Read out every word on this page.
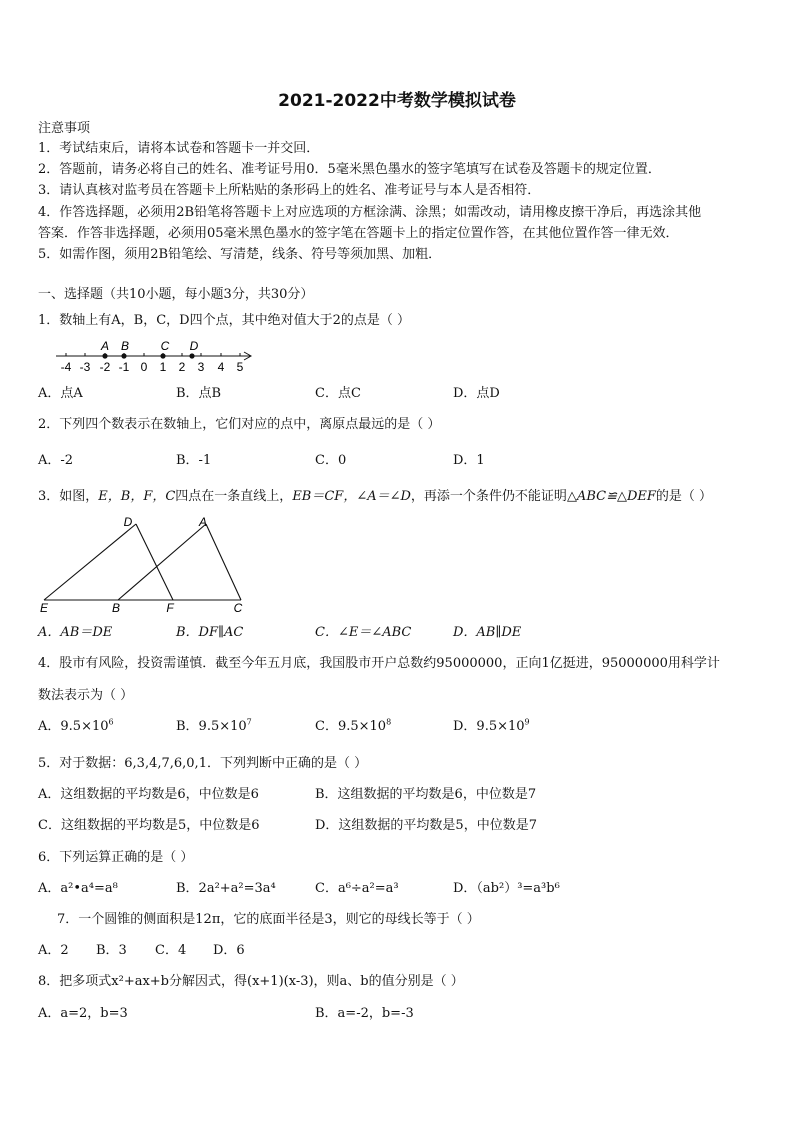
2021-2022中考数学模拟试卷
注意事项
1．考试结束后，请将本试卷和答题卡一并交回．
2．答题前，请务必将自己的姓名、准考证号用0．5毫米黑色墨水的签字笔填写在试卷及答题卡的规定位置．
3．请认真核对监考员在答题卡上所粘贴的条形码上的姓名、准考证号与本人是否相符．
4．作答选择题，必须用2B铅笔将答题卡上对应选项的方框涂满、涂黑；如需改动，请用橡皮擦干净后，再选涂其他
答案．作答非选择题，必须用05毫米黑色墨水的签字笔在答题卡上的指定位置作答，在其他位置作答一律无效．
5．如需作图，须用2B铅笔绘、写清楚，线条、符号等须加黑、加粗．
一、选择题（共10小题，每小题3分，共30分）
1．数轴上有A，B，C，D四个点，其中绝对值大于2的点是（ ）
A B	C D
-4 -3 -2 -1 0 1 2 3 4 5
A．点A	B．点B	C．点C	D．点D
2．下列四个数表示在数轴上，它们对应的点中，离原点最远的是（ ）
A．-2	B．-1	C．0	D．1
3．如图，E，B，F，C四点在一条直线上，EB＝CF，∠A＝∠D，再添一个条件仍不能证明△ABC≌△DEF的是（ ）
D	A
E	B	F	C
A．AB＝DE	B．DF∥AC	C．∠E＝∠ABC	D．AB∥DE
4．股市有风险，投资需谨慎．截至今年五月底，我国股市开户总数约95000000，正向1亿挺进，95000000用科学计
数法表示为（ ）
A．$9.5\times 10^6$	B．$9.5\times 10^7$	C．$9.5\times 10^8$	D．$9.5\times 10^9$
5．对于数据：6,3,4,7,6,0,1．下列判断中正确的是（ ）
A．这组数据的平均数是6，中位数是6	B．这组数据的平均数是6，中位数是7
C．这组数据的平均数是5，中位数是6	D．这组数据的平均数是5，中位数是7
6．下列运算正确的是（ ）
A．a²•a⁴=a⁸	B．2a²+a²=3a⁴	C．a⁶÷a²=a³	D．（ab²）³=a³b⁶
7．一个圆锥的侧面积是12π，它的底面半径是3，则它的母线长等于（ ）
A．2 B．3 C．4 D．6
8．把多项式x²+ax+b分解因式，得(x+1)(x-3)，则a、b的值分别是（ ）
A．a=2，b=3	B．a=-2，b=-3
